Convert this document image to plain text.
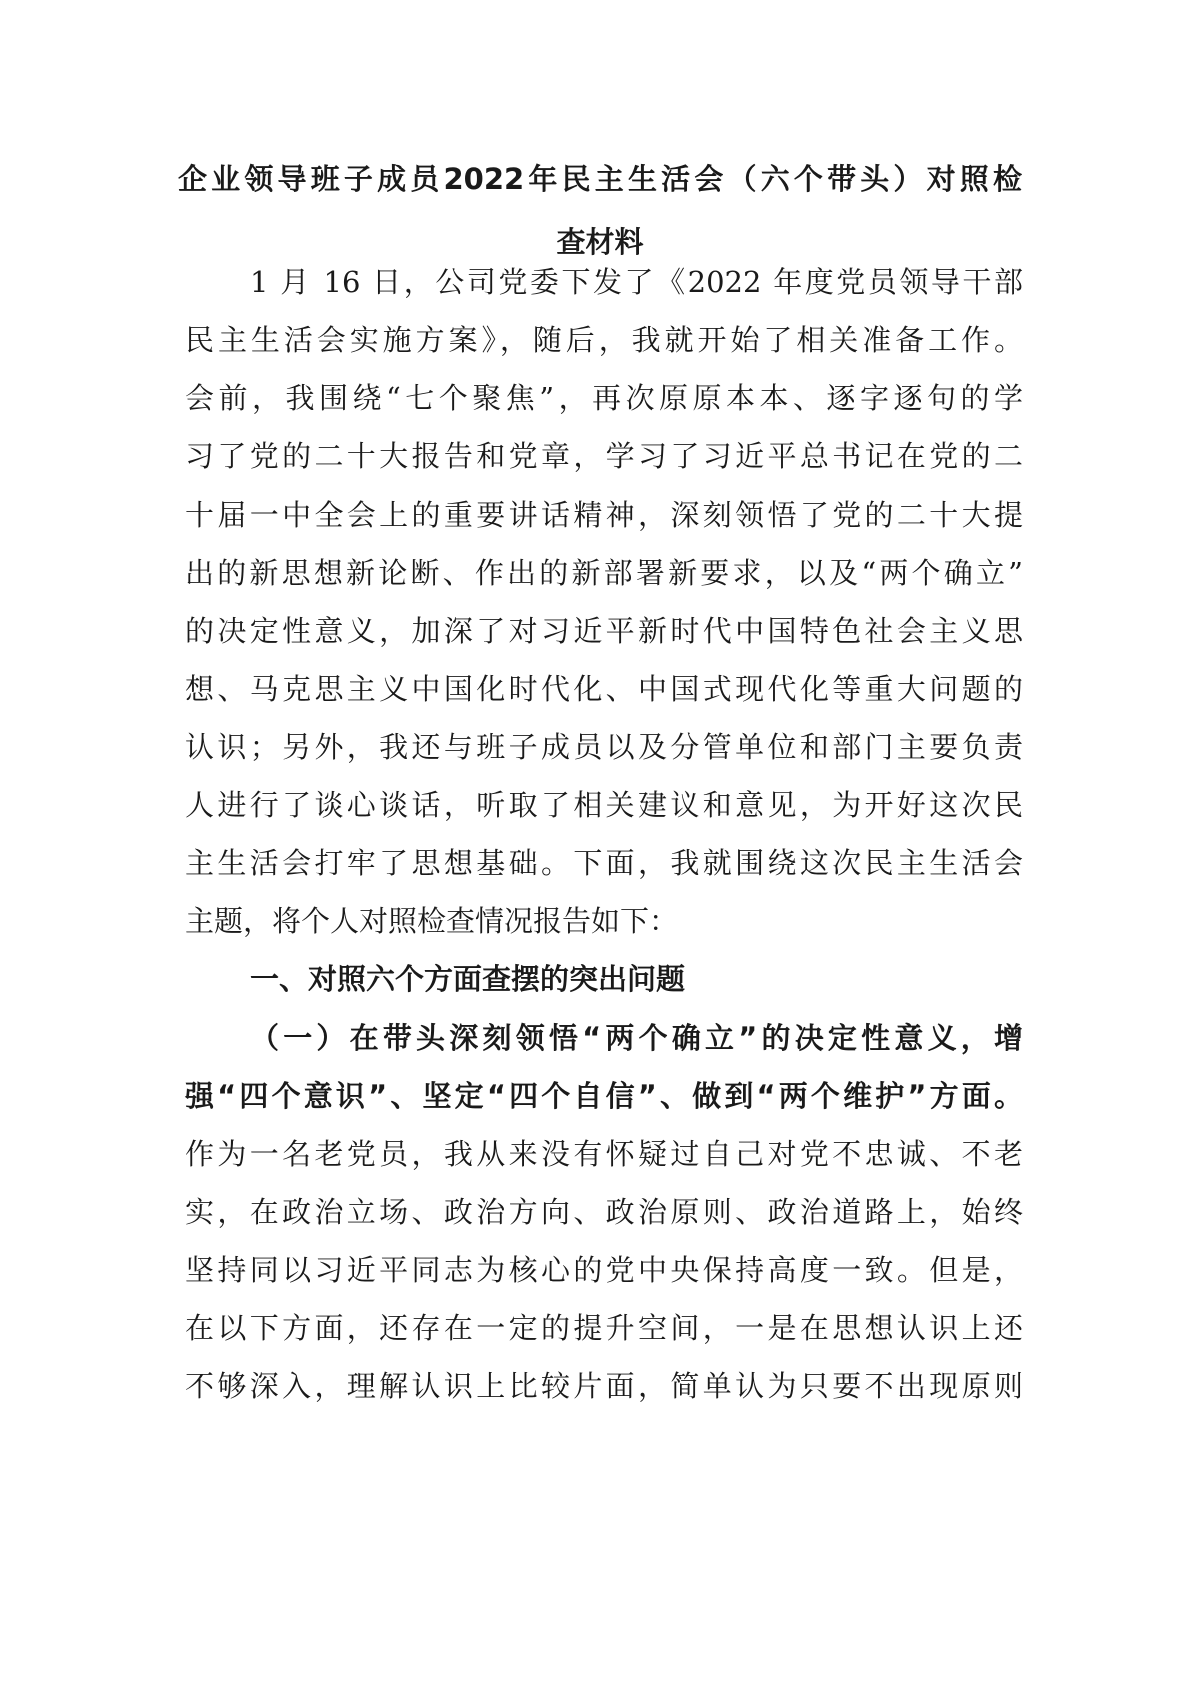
企业领导班子成员2022年民主生活会（六个带头）对照检
查材料
1 月 16 日，公司党委下发了《2022 年度党员领导干部
民主生活会实施方案》，随后，我就开始了相关准备工作。
会前，我围绕“七个聚焦”，再次原原本本、逐字逐句的学
习了党的二十大报告和党章，学习了习近平总书记在党的二
十届一中全会上的重要讲话精神，深刻领悟了党的二十大提
出的新思想新论断、作出的新部署新要求，以及“两个确立”
的决定性意义，加深了对习近平新时代中国特色社会主义思
想、马克思主义中国化时代化、中国式现代化等重大问题的
认识；另外，我还与班子成员以及分管单位和部门主要负责
人进行了谈心谈话，听取了相关建议和意见，为开好这次民
主生活会打牢了思想基础。下面，我就围绕这次民主生活会
主题，将个人对照检查情况报告如下：
一、对照六个方面查摆的突出问题
（一）在带头深刻领悟“两个确立”的决定性意义，增
强“四个意识”、坚定“四个自信”、做到“两个维护”方面。
作为一名老党员，我从来没有怀疑过自己对党不忠诚、不老
实，在政治立场、政治方向、政治原则、政治道路上，始终
坚持同以习近平同志为核心的党中央保持高度一致。但是，
在以下方面，还存在一定的提升空间，一是在思想认识上还
不够深入，理解认识上比较片面，简单认为只要不出现原则
